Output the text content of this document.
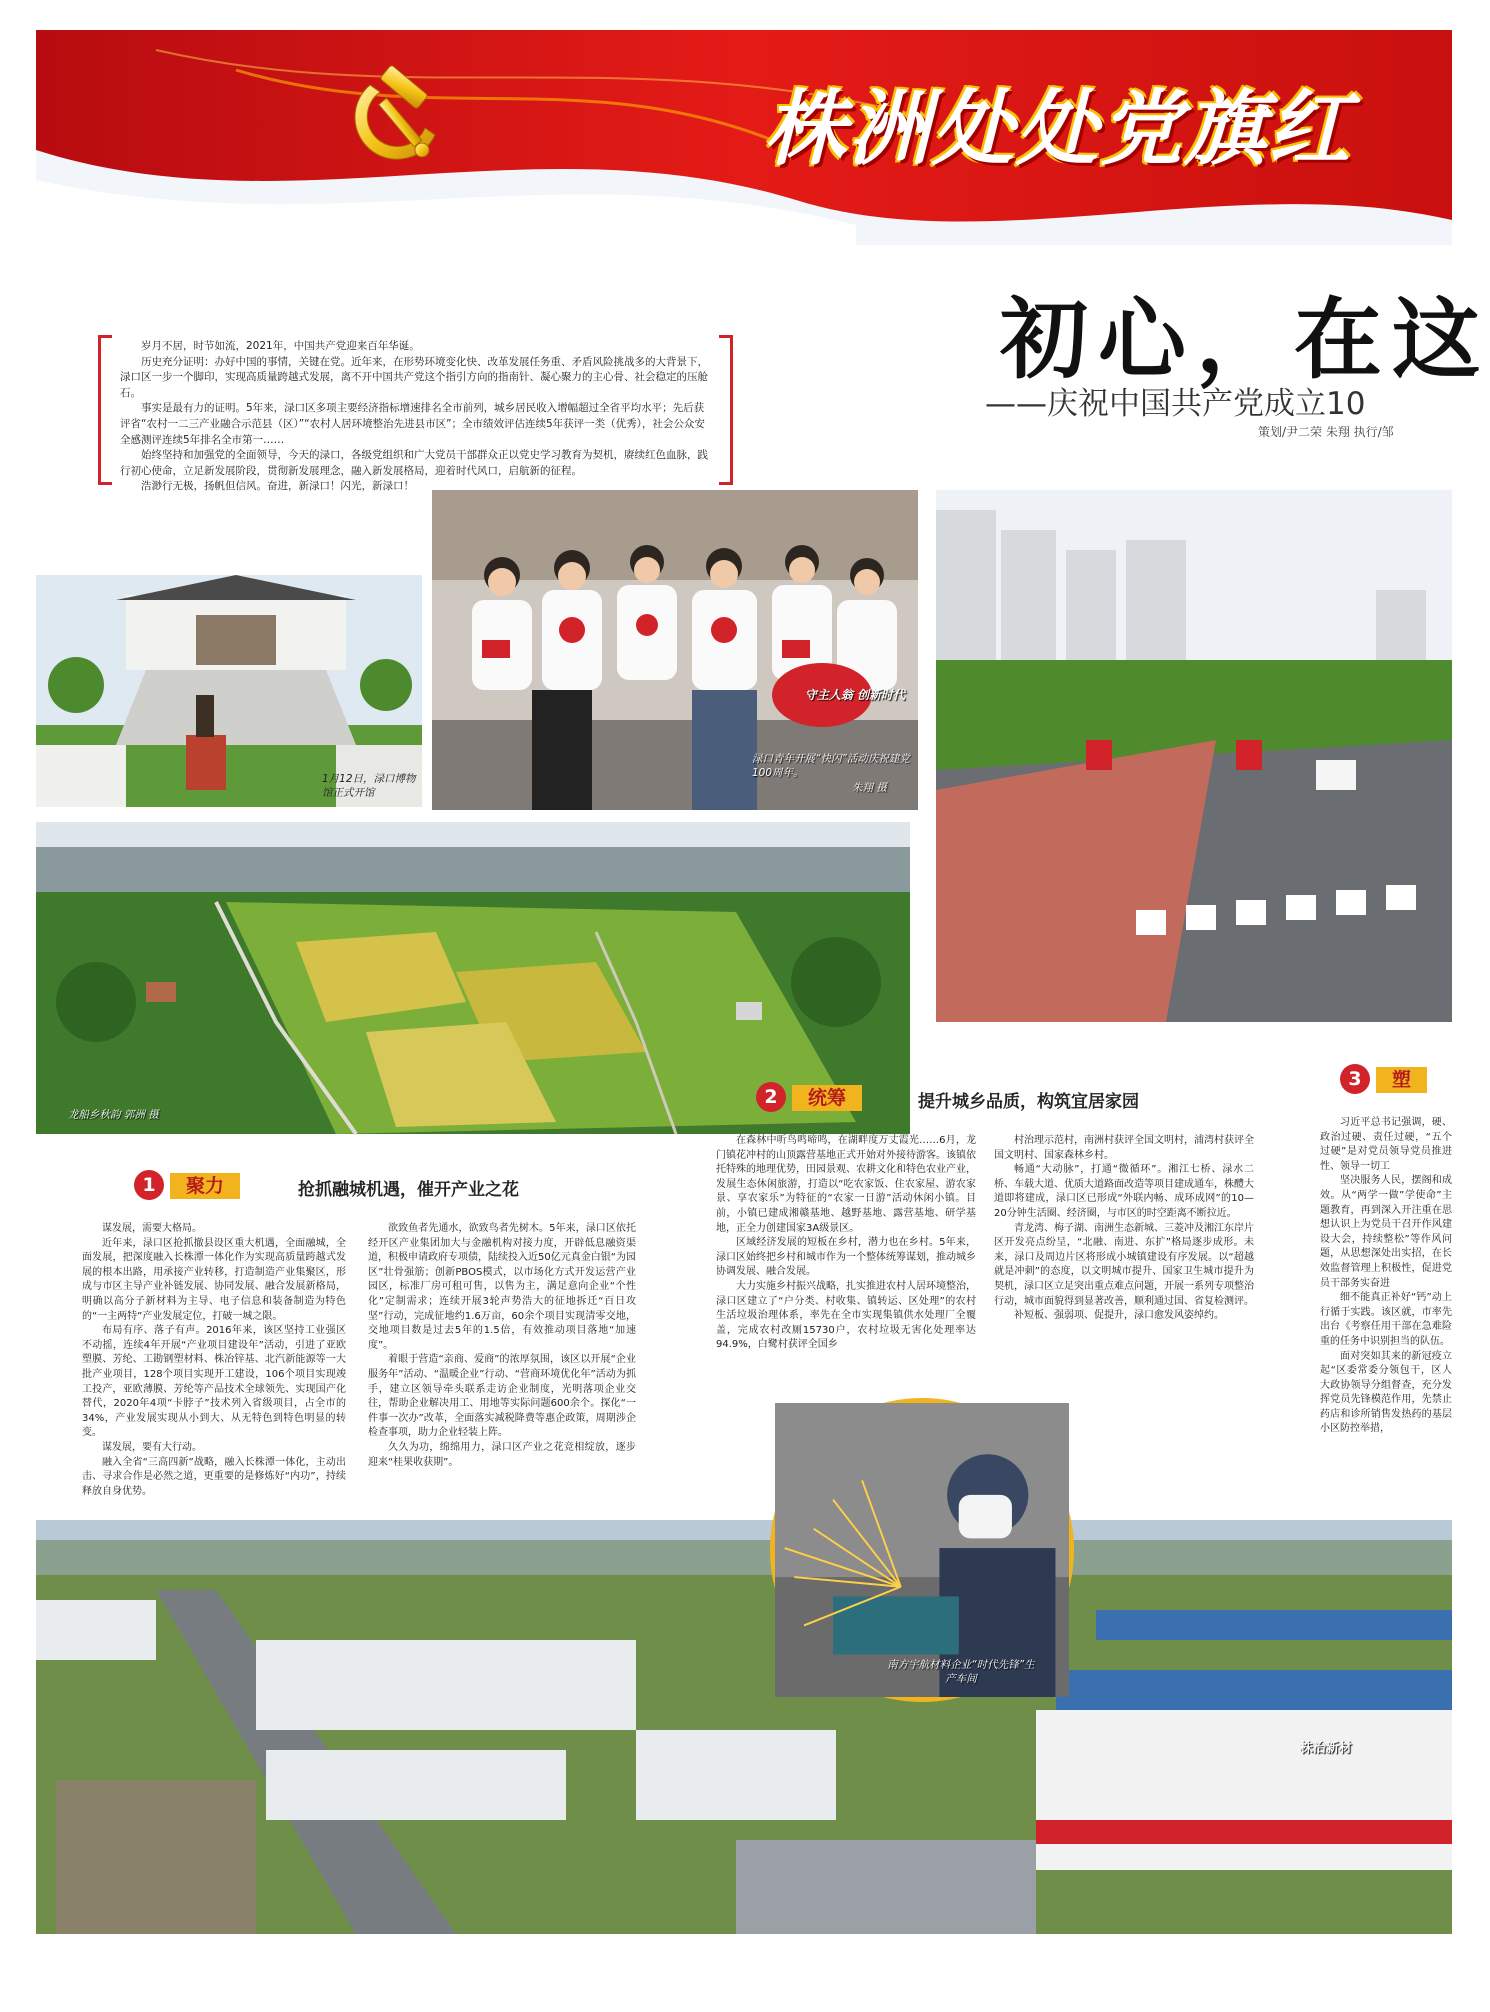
株洲处处党旗红
初心，在这
——庆祝中国共产党成立10
策划/尹二荣 朱翔 执行/邹

岁月不居，时节如流，2021年，中国共产党迎来百年华诞。

历史充分证明：办好中国的事情，关键在党。近年来，在形势环境变化快、改革发展任务重、矛盾风险挑战多的大背景下，渌口区一步一个脚印，实现高质量跨越式发展，离不开中国共产党这个指引方向的指南针、凝心聚力的主心骨、社会稳定的压舱石。

事实是最有力的证明。5年来，渌口区多项主要经济指标增速排名全市前列，城乡居民收入增幅超过全省平均水平；先后获评省“农村一二三产业融合示范县（区）”“农村人居环境整治先进县市区”；全市绩效评估连续5年获评一类（优秀），社会公众安全感测评连续5年排名全市第一……

始终坚持和加强党的全面领导，今天的渌口，各级党组织和广大党员干部群众正以党史学习教育为契机，赓续红色血脉，践行初心使命，立足新发展阶段，贯彻新发展理念，融入新发展格局，迎着时代风口，启航新的征程。

浩渺行无极，扬帆但信风。奋进，新渌口！闪光，新渌口！

1月12日，渌口博物馆正式开馆
守主人翁 创新时代
渌口青年开展“快闪”活动庆祝建党100周年。
朱翔 摄
龙船乡秋韵 郭洲 摄
1	聚力	抢抓融城机遇，催开产业之花

谋发展，需要大格局。

近年来，渌口区抢抓撤县设区重大机遇，全面融城，全面发展，把深度融入长株潭一体化作为实现高质量跨越式发展的根本出路，用承接产业转移，打造制造产业集聚区，形成与市区主导产业补链发展、协同发展、融合发展新格局，明确以高分子新材料为主导、电子信息和装备制造为特色的“一主两特”产业发展定位，打破一城之限。

布局有序、落子有声。2016年来，该区坚持工业强区不动摇，连续4年开展“产业项目建设年”活动，引进了亚欧塑膜、芳纶、工勘钢塑材料、株冶锌基、北汽新能源等一大批产业项目，128个项目实现开工建设，106个项目实现竣工投产，亚欧薄膜、芳纶等产品技术全球领先、实现国产化替代，2020年4项“卡脖子”技术列入省级项目，占全市的34%，产业发展实现从小到大、从无特色到特色明显的转变。

谋发展，要有大行动。

融入全省“三高四新”战略，融入长株潭一体化，主动出击、寻求合作是必然之道，更重要的是修炼好“内功”，持续释放自身优势。

欲致鱼者先通水，欲致鸟者先树木。5年来，渌口区依托经开区产业集团加大与金融机构对接力度，开辟低息融资渠道，积极申请政府专项债，陆续投入近50亿元真金白银“为园区”壮骨强筋；创新PBOS模式，以市场化方式开发运营产业园区，标准厂房可租可售，以售为主，满足意向企业“个性化”定制需求；连续开展3轮声势浩大的征地拆迁“百日攻坚”行动，完成征地约1.6万亩，60余个项目实现清零交地，交地项目数是过去5年的1.5倍，有效推动项目落地“加速度”。

着眼于营造“亲商、爱商”的浓厚氛围，该区以开展“企业服务年”活动、“温暖企业”行动、“营商环境优化年”活动为抓手，建立区领导牵头联系走访企业制度，光明落项企业交往，帮助企业解决用工、用地等实际问题600余个。探化“一件事一次办”改革，全面落实减税降费等惠企政策，周期涉企检查事项，助力企业轻装上阵。

久久为功，绵绵用力，渌口区产业之花竞相绽放，逐步迎来“桂果收获期”。

2	统筹	提升城乡品质，构筑宜居家园

在森林中听鸟鸣啼鸣，在湖畔度万丈霞光……6月，龙门镇花冲村的山顶露营基地正式开始对外接待游客。该镇依托特殊的地理优势，田园景观、农耕文化和特色农业产业，发展生态休闲旅游，打造以“吃农家饭、住农家屋、游农家景、享农家乐”为特征的“农家一日游”活动休闲小镇。目前，小镇已建成湘赣基地、越野基地、露营基地、研学基地，正全力创建国家3A级景区。

区域经济发展的短板在乡村，潜力也在乡村。5年来，渌口区始终把乡村和城市作为一个整体统筹谋划，推动城乡协调发展、融合发展。

大力实施乡村振兴战略，扎实推进农村人居环境整治，渌口区建立了“户分类、村收集、镇转运、区处理”的农村生活垃圾治理体系，率先在全市实现集镇供水处理厂全覆盖，完成农村改厕15730户，农村垃圾无害化处理率达94.9%，白鹭村获评全国乡

村治理示范村，南洲村获评全国文明村，浦湾村获评全国文明村、国家森林乡村。

畅通“大动脉”，打通“微循环”。湘江七桥、渌水二桥、车载大道、优质大道路面改造等项目建成通车，株醴大道即将建成，渌口区已形成“外联内畅、成环成网”的10—20分钟生活圈、经济圈，与市区的时空距离不断拉近。

青龙湾、梅子湖、南洲生态新城、三菱冲及湘江东岸片区开发亮点纷呈，“北融、南进、东扩”格局逐步成形。未来，渌口及周边片区将形成小城镇建设有序发展。以“超越就是冲刺”的态度，以文明城市提升、国家卫生城市提升为契机，渌口区立足突出重点难点问题，开展一系列专项整治行动，城市面貌得到显著改善，顺利通过国、省复检测评。

补短板、强弱项、促提升，渌口愈发风姿绰约。

3	塑

习近平总书记强调，硬、政治过硬、责任过硬，“五个过硬”是对党员领导党员推进性、领导一切工

坚决服务人民，摆阁和成效。从“两学一做”学使命”主题教育，再到深入开注重在思想认识上为党员干召开作风建设大会，持续整松”等作风问题，从思想深处出实招，在长效监督管理上积极性，促进党员干部务实奋进

细不能真正补好“钙”动上行循于实践。该区就，市率先出台《考察任用干部在急难险重的任务中识别担当的队伍。

面对突如其来的新冠疫立起“区委常委分领包干，区人大政协领导分组督查，充分发挥党员先锋模范作用，先禁止药店和诊所销售发热药的基层小区防控举措，

株冶新材
南方宇航材料企业“时代先锋”生产车间
